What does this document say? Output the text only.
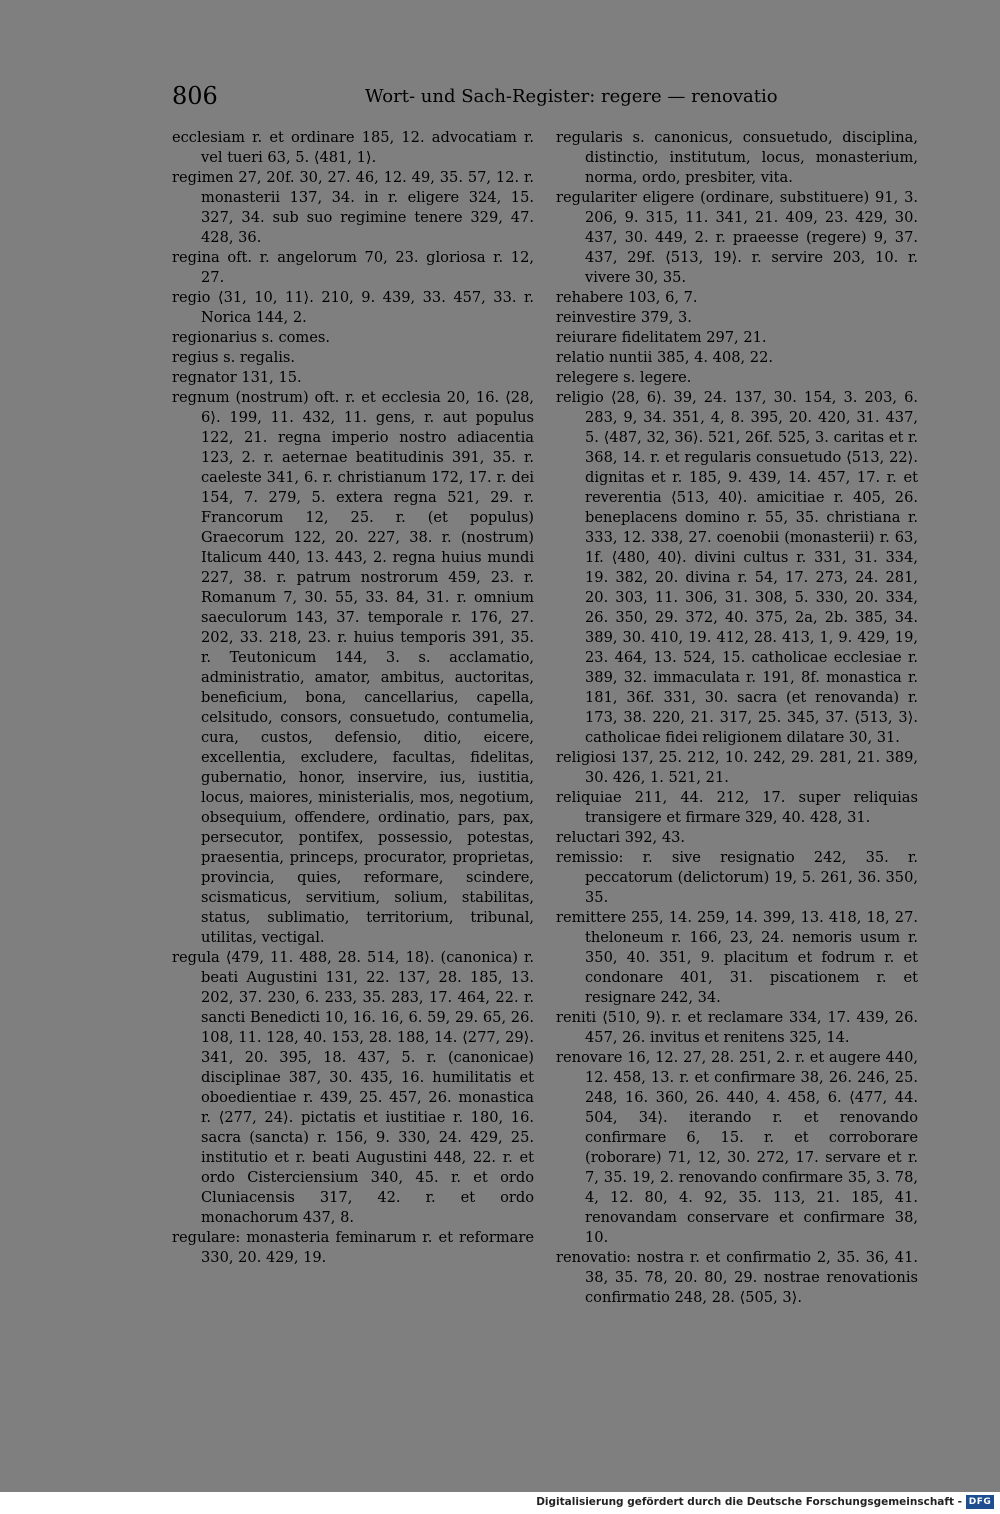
806	Wort- und Sach-Register: regere — renovatio

ecclesiam r. et ordinare 185, 12. advocatiam r. vel tueri 63, 5. ⟨481, 1⟩.

regimen 27, 20f. 30, 27. 46, 12. 49, 35. 57, 12. r. monasterii 137, 34. in r. eligere 324, 15. 327, 34. sub suo regimine tenere 329, 47. 428, 36.

regina oft. r. angelorum 70, 23. gloriosa r. 12, 27.

regio ⟨31, 10, 11⟩. 210, 9. 439, 33. 457, 33. r. Norica 144, 2.

regionarius s. comes.

regius s. regalis.

regnator 131, 15.

regnum (nostrum) oft. r. et ecclesia 20, 16. ⟨28, 6⟩. 199, 11. 432, 11. gens, r. aut populus 122, 21. regna imperio nostro adiacentia 123, 2. r. aeternae beatitudinis 391, 35. r. caeleste 341, 6. r. christianum 172, 17. r. dei 154, 7. 279, 5. extera regna 521, 29. r. Francorum 12, 25. r. (et populus) Graecorum 122, 20. 227, 38. r. (nostrum) Italicum 440, 13. 443, 2. regna huius mundi 227, 38. r. patrum nostrorum 459, 23. r. Romanum 7, 30. 55, 33. 84, 31. r. omnium saeculorum 143, 37. temporale r. 176, 27. 202, 33. 218, 23. r. huius temporis 391, 35. r. Teutonicum 144, 3. s. acclamatio, administratio, amator, ambitus, auctoritas, beneficium, bona, cancellarius, capella, celsitudo, consors, consuetudo, contumelia, cura, custos, defensio, ditio, eicere, excellentia, excludere, facultas, fidelitas, gubernatio, honor, inservire, ius, iustitia, locus, maiores, ministerialis, mos, negotium, obsequium, offendere, ordinatio, pars, pax, persecutor, pontifex, possessio, potestas, praesentia, princeps, procurator, proprietas, provincia, quies, reformare, scindere, scismaticus, servitium, solium, stabilitas, status, sublimatio, territorium, tribunal, utilitas, vectigal.

regula ⟨479, 11. 488, 28. 514, 18⟩. (canonica) r. beati Augustini 131, 22. 137, 28. 185, 13. 202, 37. 230, 6. 233, 35. 283, 17. 464, 22. r. sancti Benedicti 10, 16. 16, 6. 59, 29. 65, 26. 108, 11. 128, 40. 153, 28. 188, 14. ⟨277, 29⟩. 341, 20. 395, 18. 437, 5. r. (canonicae) disciplinae 387, 30. 435, 16. humilitatis et oboedientiae r. 439, 25. 457, 26. monastica r. ⟨277, 24⟩. pictatis et iustitiae r. 180, 16. sacra (sancta) r. 156, 9. 330, 24. 429, 25. institutio et r. beati Augustini 448, 22. r. et ordo Cisterciensium 340, 45. r. et ordo Cluniacensis 317, 42. r. et ordo monachorum 437, 8.

regulare: monasteria feminarum r. et reformare 330, 20. 429, 19.

regularis s. canonicus, consuetudo, disciplina, distinctio, institutum, locus, monasterium, norma, ordo, presbiter, vita.

regulariter eligere (ordinare, substituere) 91, 3. 206, 9. 315, 11. 341, 21. 409, 23. 429, 30. 437, 30. 449, 2. r. praeesse (regere) 9, 37. 437, 29f. ⟨513, 19⟩. r. servire 203, 10. r. vivere 30, 35.

rehabere 103, 6, 7.

reinvestire 379, 3.

reiurare fidelitatem 297, 21.

relatio nuntii 385, 4. 408, 22.

relegere s. legere.

religio ⟨28, 6⟩. 39, 24. 137, 30. 154, 3. 203, 6. 283, 9, 34. 351, 4, 8. 395, 20. 420, 31. 437, 5. ⟨487, 32, 36⟩. 521, 26f. 525, 3. caritas et r. 368, 14. r. et regularis consuetudo ⟨513, 22⟩. dignitas et r. 185, 9. 439, 14. 457, 17. r. et reverentia ⟨513, 40⟩. amicitiae r. 405, 26. beneplacens domino r. 55, 35. christiana r. 333, 12. 338, 27. coenobii (monasterii) r. 63, 1f. ⟨480, 40⟩. divini cultus r. 331, 31. 334, 19. 382, 20. divina r. 54, 17. 273, 24. 281, 20. 303, 11. 306, 31. 308, 5. 330, 20. 334, 26. 350, 29. 372, 40. 375, 2a, 2b. 385, 34. 389, 30. 410, 19. 412, 28. 413, 1, 9. 429, 19, 23. 464, 13. 524, 15. catholicae ecclesiae r. 389, 32. immaculata r. 191, 8f. monastica r. 181, 36f. 331, 30. sacra (et renovanda) r. 173, 38. 220, 21. 317, 25. 345, 37. ⟨513, 3⟩. catholicae fidei religionem dilatare 30, 31.

religiosi 137, 25. 212, 10. 242, 29. 281, 21. 389, 30. 426, 1. 521, 21.

reliquiae 211, 44. 212, 17. super reliquias transigere et firmare 329, 40. 428, 31.

reluctari 392, 43.

remissio: r. sive resignatio 242, 35. r. peccatorum (delictorum) 19, 5. 261, 36. 350, 35.

remittere 255, 14. 259, 14. 399, 13. 418, 18, 27. theloneum r. 166, 23, 24. nemoris usum r. 350, 40. 351, 9. placitum et fodrum r. et condonare 401, 31. piscationem r. et resignare 242, 34.

reniti ⟨510, 9⟩. r. et reclamare 334, 17. 439, 26. 457, 26. invitus et renitens 325, 14.

renovare 16, 12. 27, 28. 251, 2. r. et augere 440, 12. 458, 13. r. et confirmare 38, 26. 246, 25. 248, 16. 360, 26. 440, 4. 458, 6. ⟨477, 44. 504, 34⟩. iterando r. et renovando confirmare 6, 15. r. et corroborare (roborare) 71, 12, 30. 272, 17. servare et r. 7, 35. 19, 2. renovando confirmare 35, 3. 78, 4, 12. 80, 4. 92, 35. 113, 21. 185, 41. renovandam conservare et confirmare 38, 10.

renovatio: nostra r. et confirmatio 2, 35. 36, 41. 38, 35. 78, 20. 80, 29. nostrae renovationis confirmatio 248, 28. ⟨505, 3⟩.

Digitalisierung gefördert durch die Deutsche Forschungsgemeinschaft - DFG
